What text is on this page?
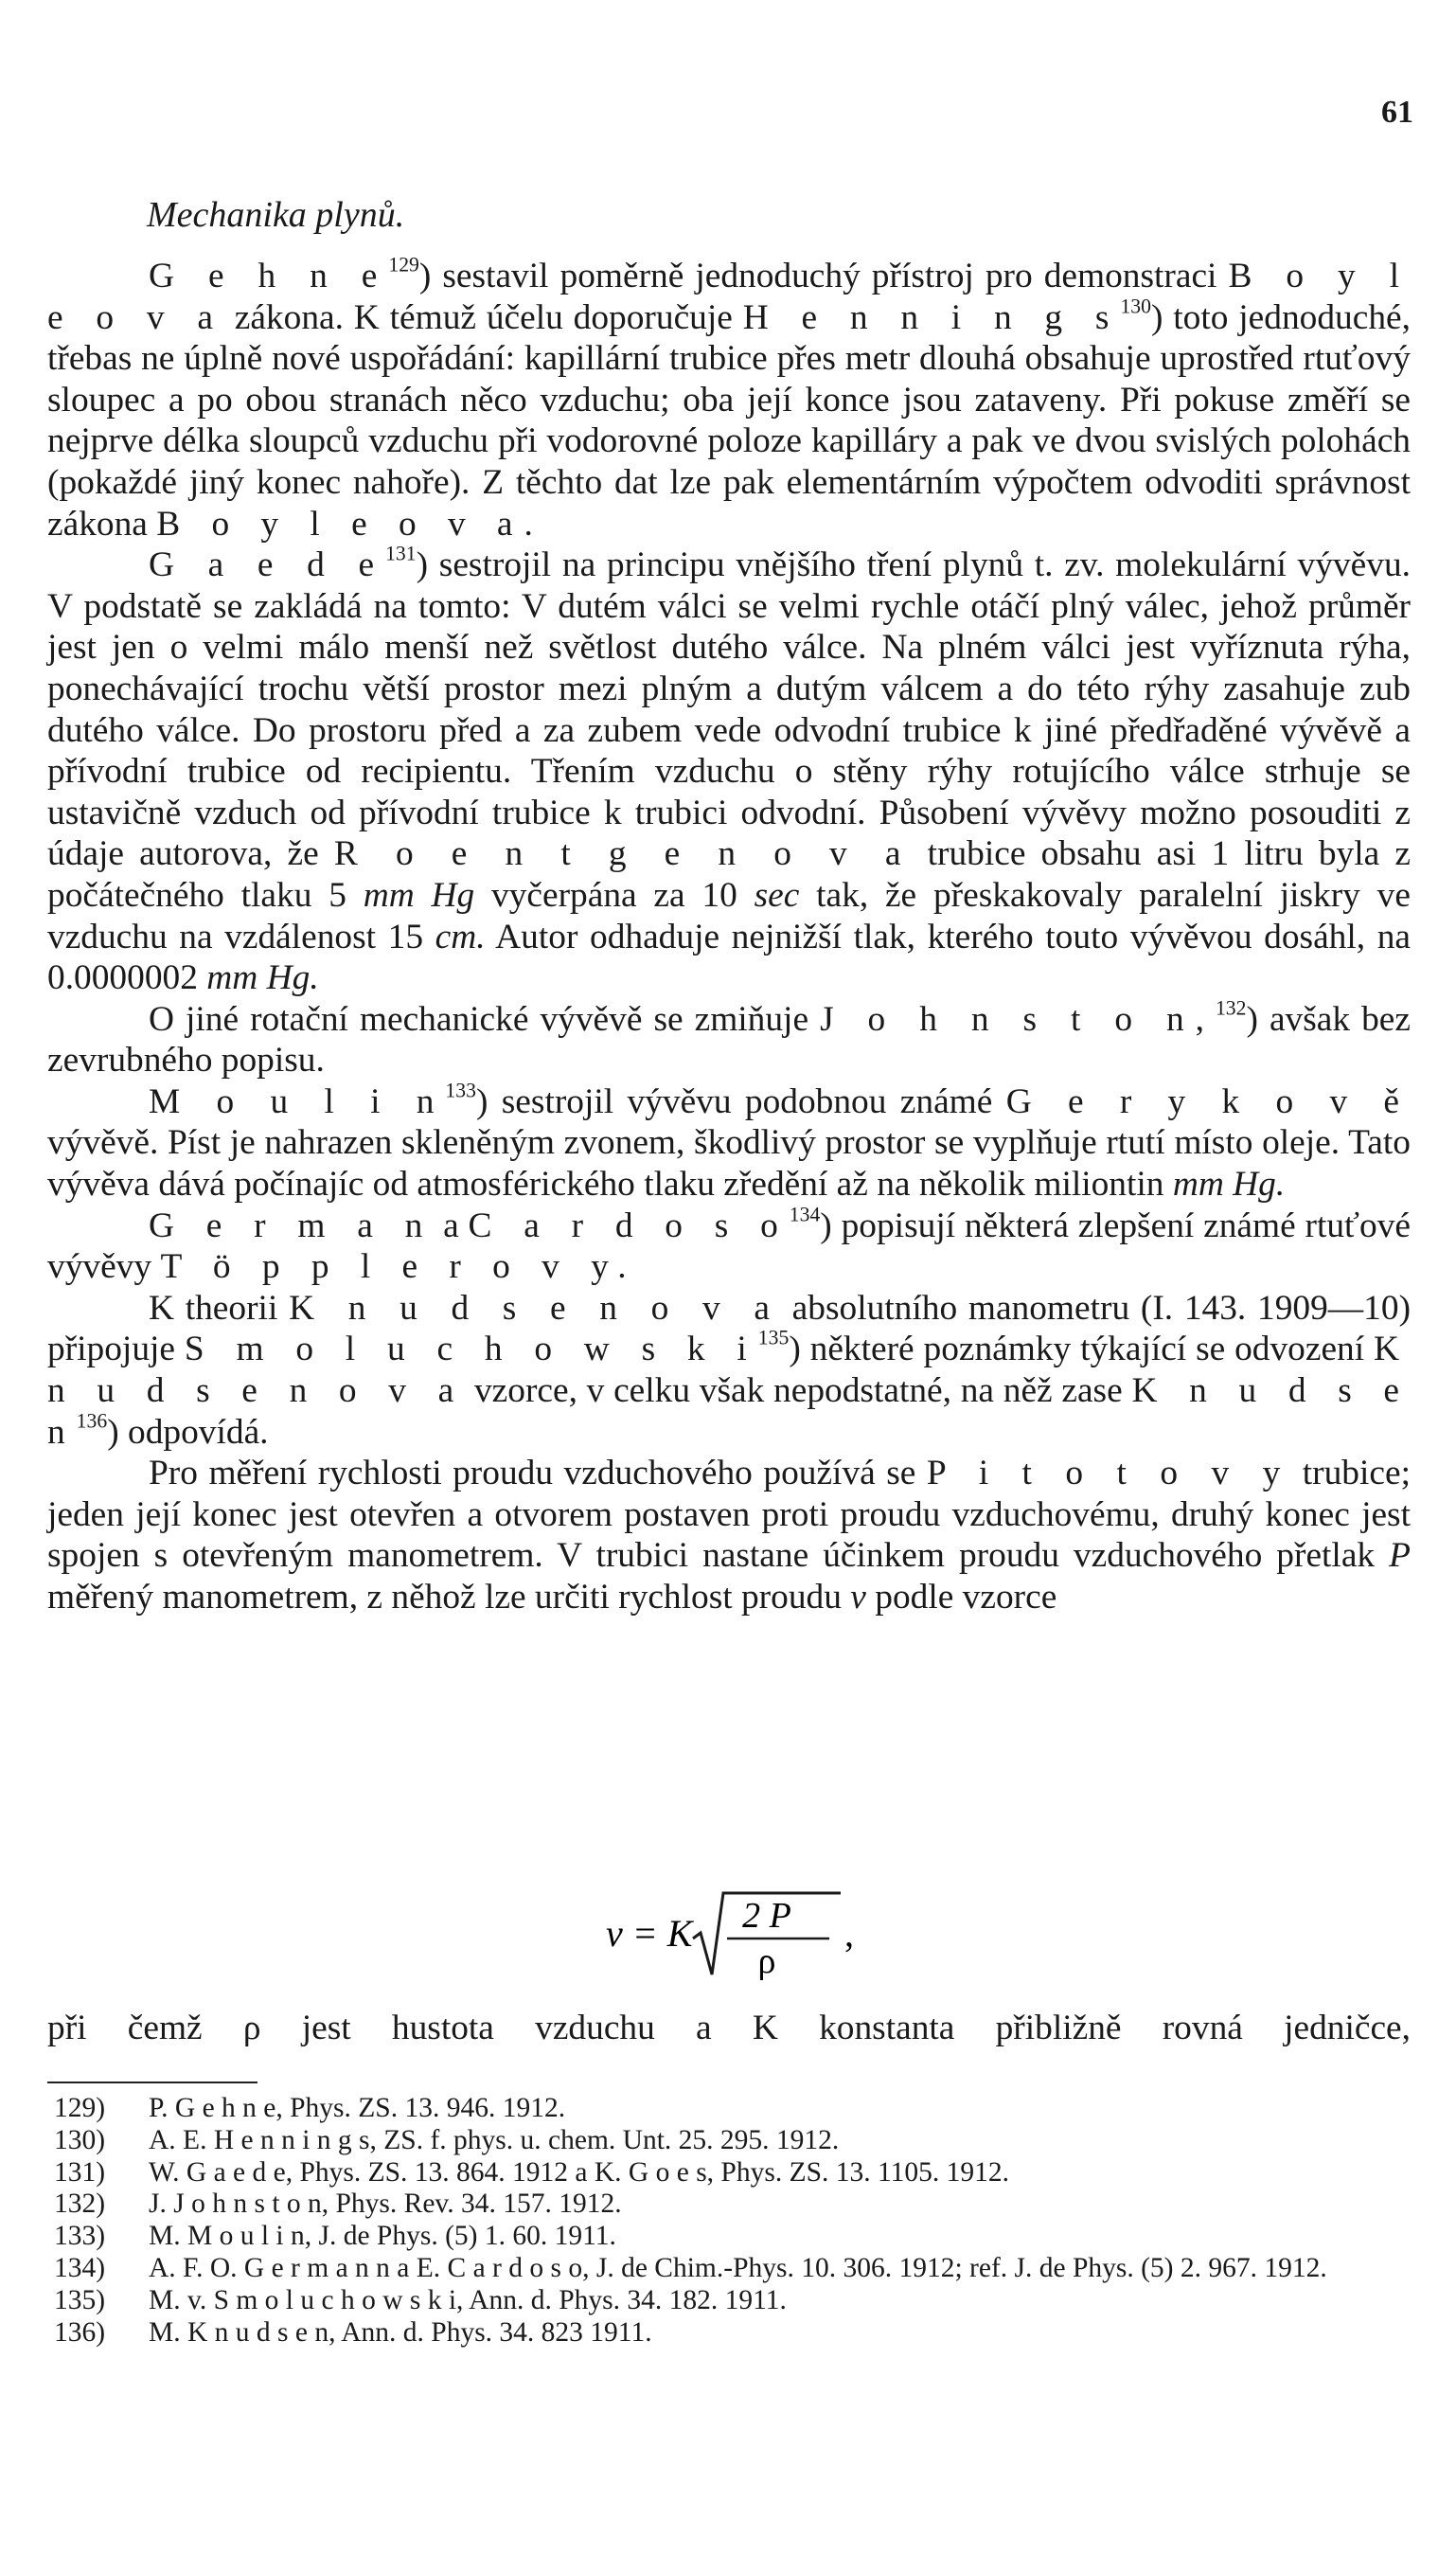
61
Mechanika plynů.

G e h n $e^{129}$) sestavil poměrně jednoduchý přístroj pro demonstraci B o y l e o v a zákona. K témuž účelu doporučuje H e n n i n g $s^{130}$) toto jednoduché, třebas ne úplně nové uspořádání: kapillární trubice přes metr dlouhá obsahuje uprostřed rtuťový sloupec a po obou stranách něco vzduchu; oba její konce jsou zataveny. Při pokuse změří se nejprve délka sloupců vzduchu při vodorovné poloze kapilláry a pak ve dvou svislých polohách (pokaždé jiný konec nahoře). Z těchto dat lze pak elementárním výpočtem odvoditi správnost zákona B o y l e o v a.

G a e d $e^{131}$) sestrojil na principu vnějšího tření plynů t. zv. molekulární vývěvu. V podstatě se zakládá na tomto: V dutém válci se velmi rychle otáčí plný válec, jehož průměr jest jen o velmi málo menší než světlost dutého válce. Na plném válci jest vyříznuta rýha, ponechávající trochu větší prostor mezi plným a dutým válcem a do této rýhy zasahuje zub dutého válce. Do prostoru před a za zubem vede odvodní trubice k jiné předřaděné vývěvě a přívodní trubice od recipientu. Třením vzduchu o stěny rýhy rotujícího válce strhuje se ustavičně vzduch od přívodní trubice k trubici odvodní. Působení vývěvy možno posouditi z údaje autorova, že R o e n t g e n o v a trubice obsahu asi 1 litru byla z počátečného tlaku 5 mm Hg vyčerpána za 10 sec tak, že přeskakovaly paralelní jiskry ve vzduchu na vzdálenost 15 cm. Autor odhaduje nejnižší tlak, kterého touto vývěvou dosáhl, na 0.0000002 mm Hg.

O jiné rotační mechanické vývěvě se zmiňuje J o h n s t o n,$^{132}$) avšak bez zevrubného popisu.

M o u l i $n^{133}$) sestrojil vývěvu podobnou známé G e r y k o v ě vývěvě. Píst je nahrazen skleněným zvonem, škodlivý prostor se vyplňuje rtutí místo oleje. Tato vývěva dává počínajíc od atmosférického tlaku zředění až na několik miliontin mm Hg.

G e r m a n a C a r d o s $o^{134}$) popisují některá zlepšení známé rtuťové vývěvy T ö p p l e r o v y.

K theorii K n u d s e n o v a absolutního manometru (I. 143. 1909—10) připojuje S m o l u c h o w s k $i^{135}$) některé poznámky týkající se odvození K n u d s e n o v a vzorce, v celku však nepodstatné, na něž zase K n u d s e $n^{136}$) odpovídá.

Pro měření rychlosti proudu vzduchového používá se P i t o t o v y trubice; jeden její konec jest otevřen a otvorem postaven proti proudu vzduchovému, druhý konec jest spojen s otevřeným manometrem. V trubici nastane účinkem proudu vzduchového přetlak P měřený manometrem, z něhož lze určiti rychlost proudu v podle vzorce

v = K 2 P
ρ
,
při čemž ρ jest hustota vzduchu a K konstanta přibližně rovná jedničce,

129) P. G e h n e, Phys. ZS. 13. 946. 1912.

130) A. E. H e n n i n g s, ZS. f. phys. u. chem. Unt. 25. 295. 1912.

131) W. G a e d e, Phys. ZS. 13. 864. 1912 a K. G o e s, Phys. ZS. 13. 1105. 1912.

132) J. J o h n s t o n, Phys. Rev. 34. 157. 1912.

133) M. M o u l i n, J. de Phys. (5) 1. 60. 1911.

134) A. F. O. G e r m a n n a E. C a r d o s o, J. de Chim.-Phys. 10. 306. 1912; ref. J. de Phys. (5) 2. 967. 1912.

135) M. v. S m o l u c h o w s k i, Ann. d. Phys. 34. 182. 1911.

136) M. K n u d s e n, Ann. d. Phys. 34. 823 1911.
